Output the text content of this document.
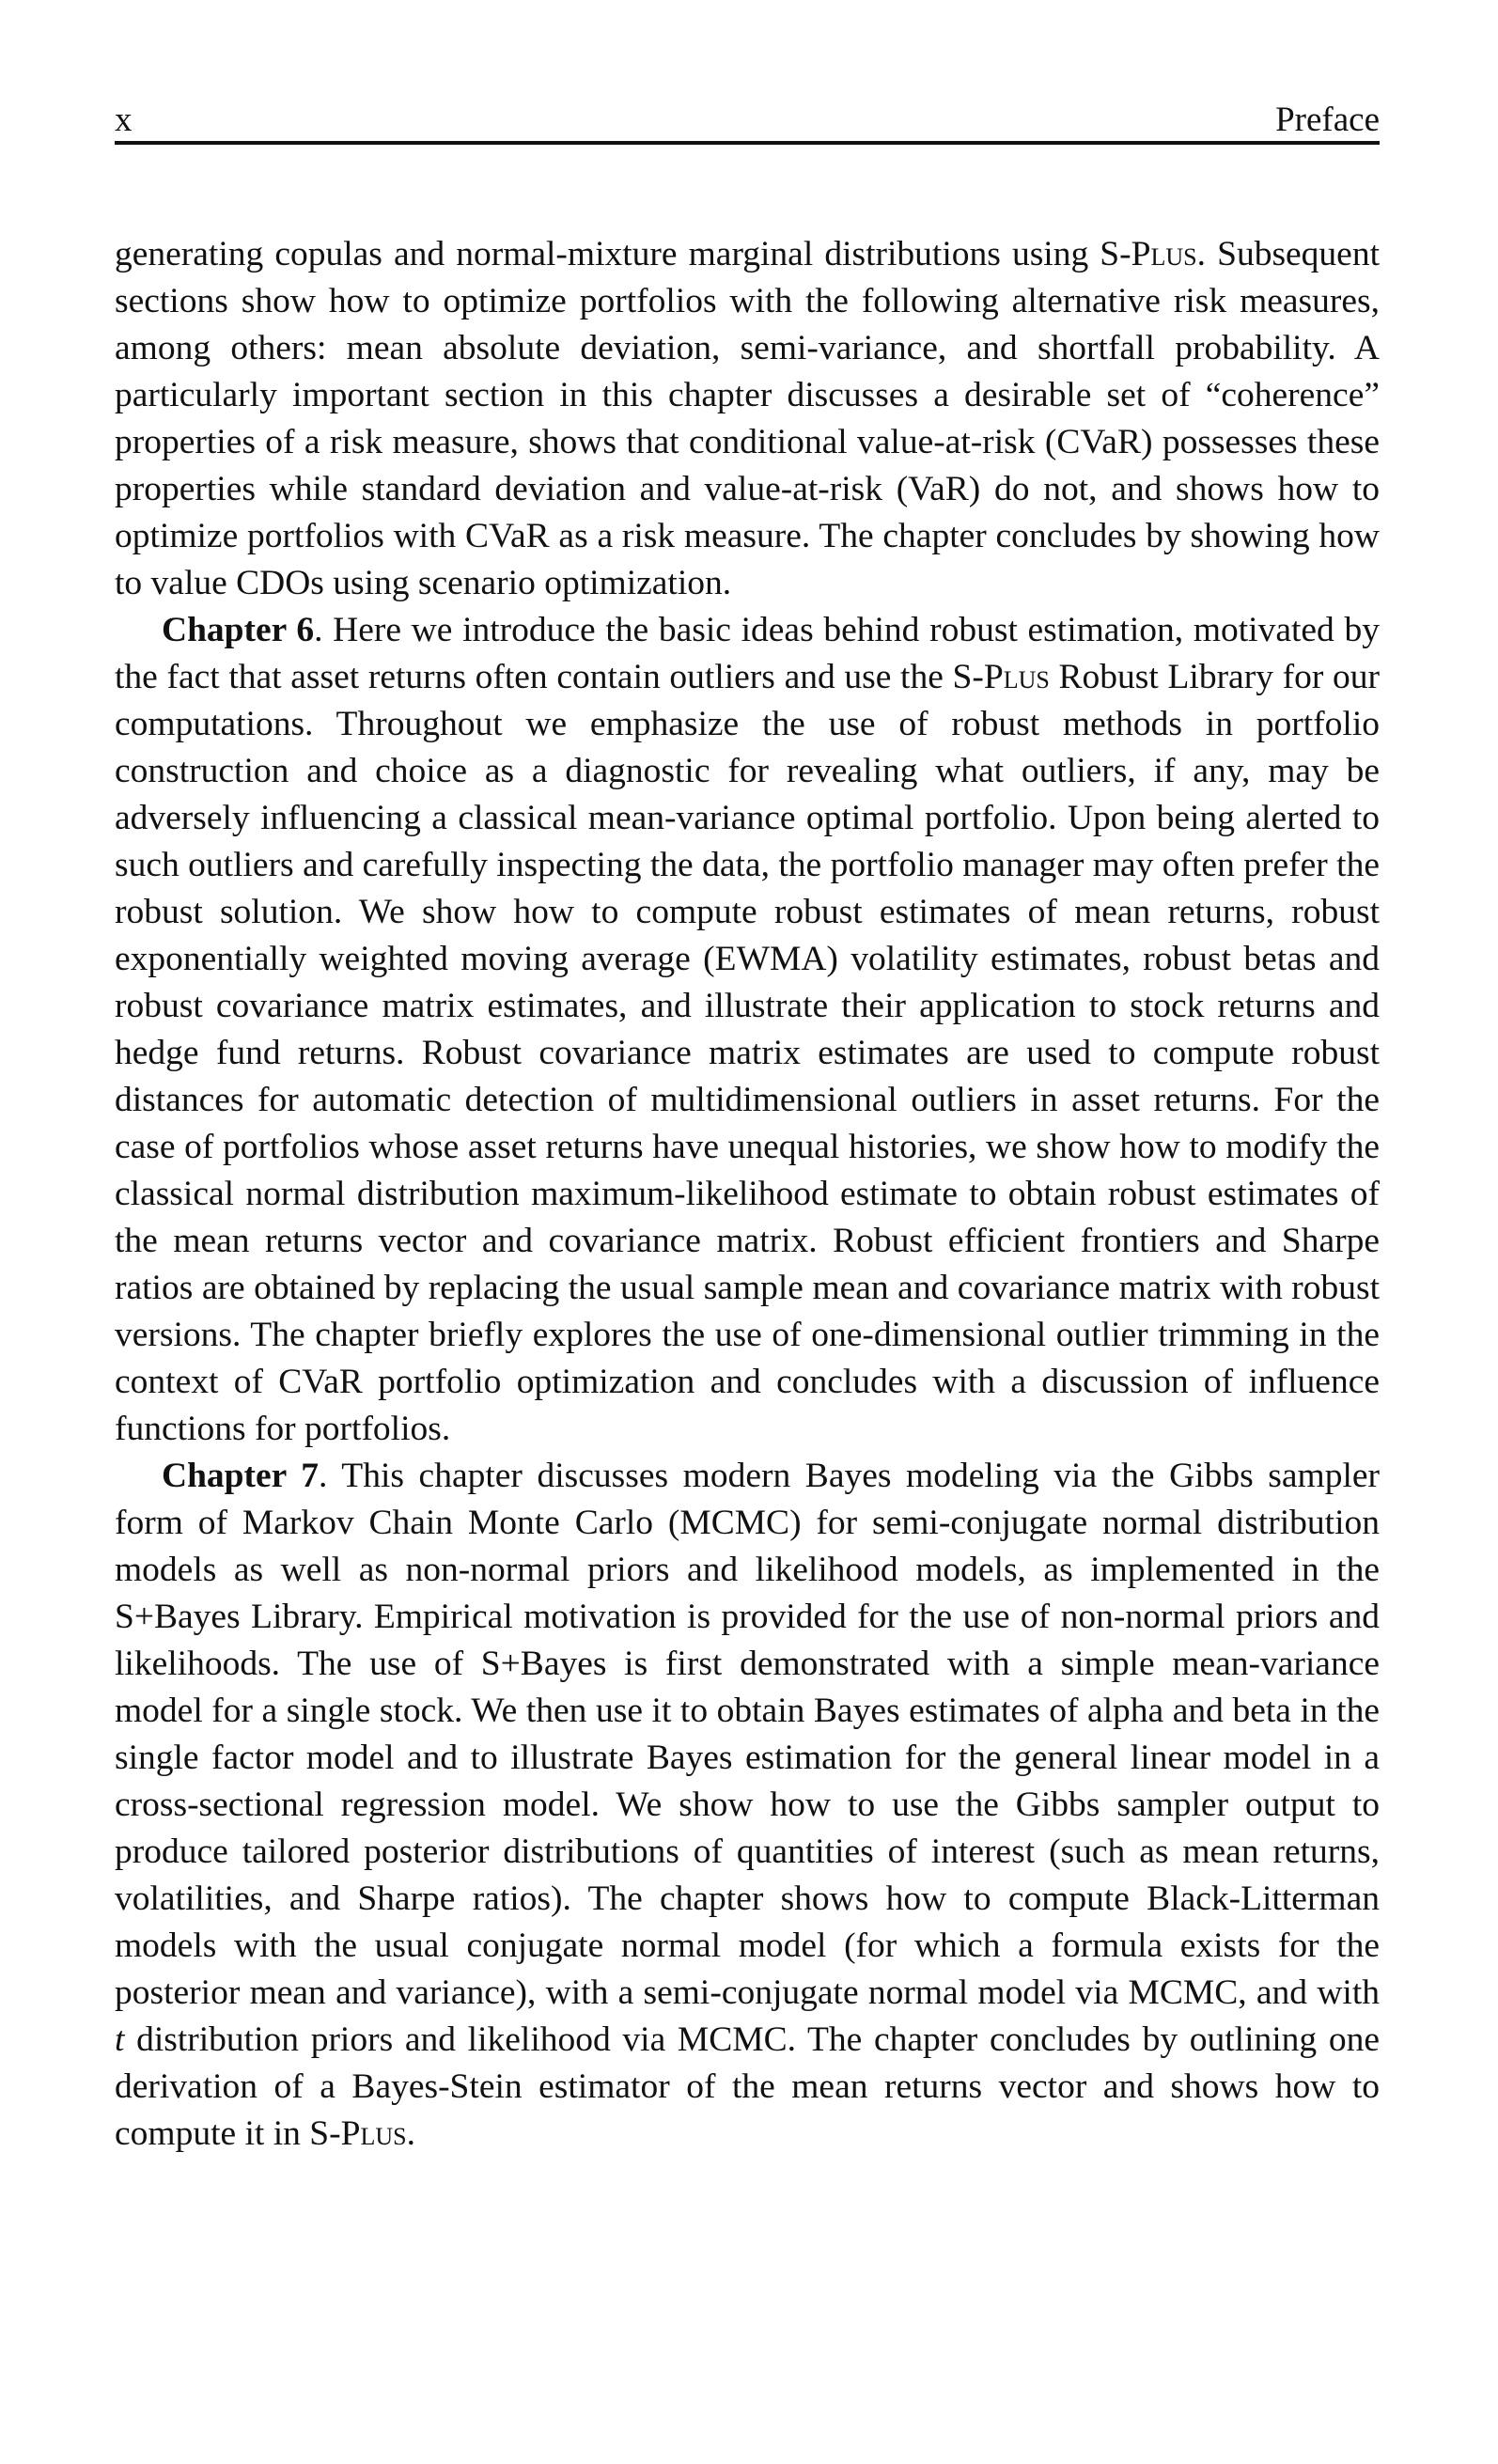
x	Preface

generating copulas and normal-mixture marginal distributions using S-Plus. Subsequent sections show how to optimize portfolios with the following alternative risk measures, among others: mean absolute deviation, semi-variance, and shortfall probability. A particularly important section in this chapter discusses a desirable set of “coherence” properties of a risk measure, shows that conditional value-at-risk (CVaR) possesses these properties while standard deviation and value-at-risk (VaR) do not, and shows how to optimize portfolios with CVaR as a risk measure. The chapter concludes by showing how to value CDOs using scenario optimization.

Chapter 6. Here we introduce the basic ideas behind robust estimation, motivated by the fact that asset returns often contain outliers and use the S-Plus Robust Library for our computations. Throughout we emphasize the use of robust methods in portfolio construction and choice as a diagnostic for revealing what outliers, if any, may be adversely influencing a classical mean-variance optimal portfolio. Upon being alerted to such outliers and carefully inspecting the data, the portfolio manager may often prefer the robust solution. We show how to compute robust estimates of mean returns, robust exponentially weighted moving average (EWMA) volatility estimates, robust betas and robust covariance matrix estimates, and illustrate their application to stock returns and hedge fund returns. Robust covariance matrix estimates are used to compute robust distances for automatic detection of multidimensional outliers in asset returns. For the case of portfolios whose asset returns have unequal histories, we show how to modify the classical normal distribution maximum-likelihood estimate to obtain robust estimates of the mean returns vector and covariance matrix. Robust efficient frontiers and Sharpe ratios are obtained by replacing the usual sample mean and covariance matrix with robust versions. The chapter briefly explores the use of one-dimensional outlier trimming in the context of CVaR portfolio optimization and concludes with a discussion of influence functions for portfolios.

Chapter 7. This chapter discusses modern Bayes modeling via the Gibbs sampler form of Markov Chain Monte Carlo (MCMC) for semi-conjugate normal distribution models as well as non-normal priors and likelihood models, as implemented in the S+Bayes Library. Empirical motivation is provided for the use of non-normal priors and likelihoods. The use of S+Bayes is first demonstrated with a simple mean-variance model for a single stock. We then use it to obtain Bayes estimates of alpha and beta in the single factor model and to illustrate Bayes estimation for the general linear model in a cross-sectional regression model. We show how to use the Gibbs sampler output to produce tailored posterior distributions of quantities of interest (such as mean returns, volatilities, and Sharpe ratios). The chapter shows how to compute Black-Litterman models with the usual conjugate normal model (for which a formula exists for the posterior mean and variance), with a semi-conjugate normal model via MCMC, and with t distribution priors and likelihood via MCMC. The chapter concludes by outlining one derivation of a Bayes-Stein estimator of the mean returns vector and shows how to compute it in S-Plus.
